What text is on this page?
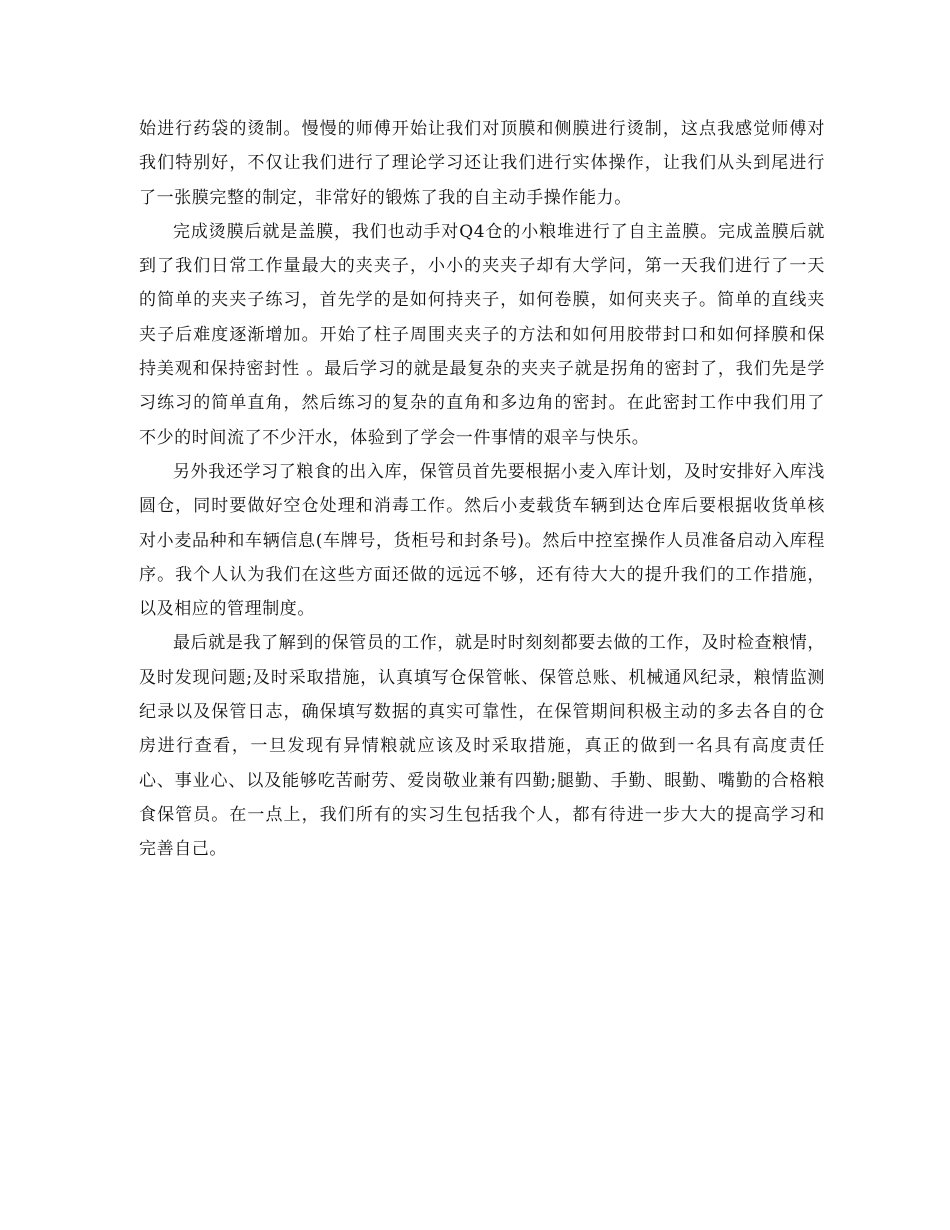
始进行药袋的烫制。慢慢的师傅开始让我们对顶膜和侧膜进行烫制，这点我感觉师傅对我们特别好，不仅让我们进行了理论学习还让我们进行实体操作，让我们从头到尾进行了一张膜完整的制定，非常好的锻炼了我的自主动手操作能力。

完成烫膜后就是盖膜，我们也动手对Q4仓的小粮堆进行了自主盖膜。完成盖膜后就到了我们日常工作量最大的夹夹子，小小的夹夹子却有大学问，第一天我们进行了一天的简单的夹夹子练习，首先学的是如何持夹子，如何卷膜，如何夹夹子。简单的直线夹夹子后难度逐渐增加。开始了柱子周围夹夹子的方法和如何用胶带封口和如何择膜和保持美观和保持密封性 。最后学习的就是最复杂的夹夹子就是拐角的密封了，我们先是学习练习的简单直角，然后练习的复杂的直角和多边角的密封。在此密封工作中我们用了不少的时间流了不少汗水，体验到了学会一件事情的艰辛与快乐。

另外我还学习了粮食的出入库，保管员首先要根据小麦入库计划，及时安排好入库浅圆仓，同时要做好空仓处理和消毒工作。然后小麦载货车辆到达仓库后要根据收货单核对小麦品种和车辆信息(车牌号，货柜号和封条号)。然后中控室操作人员准备启动入库程序。我个人认为我们在这些方面还做的远远不够，还有待大大的提升我们的工作措施，以及相应的管理制度。

最后就是我了解到的保管员的工作，就是时时刻刻都要去做的工作，及时检查粮情，及时发现问题;及时采取措施，认真填写仓保管帐、保管总账、机械通风纪录，粮情监测纪录以及保管日志，确保填写数据的真实可靠性，在保管期间积极主动的多去各自的仓房进行查看，一旦发现有异情粮就应该及时采取措施，真正的做到一名具有高度责任心、事业心、以及能够吃苦耐劳、爱岗敬业兼有四勤;腿勤、手勤、眼勤、嘴勤的合格粮食保管员。在一点上，我们所有的实习生包括我个人，都有待进一步大大的提高学习和完善自己。
